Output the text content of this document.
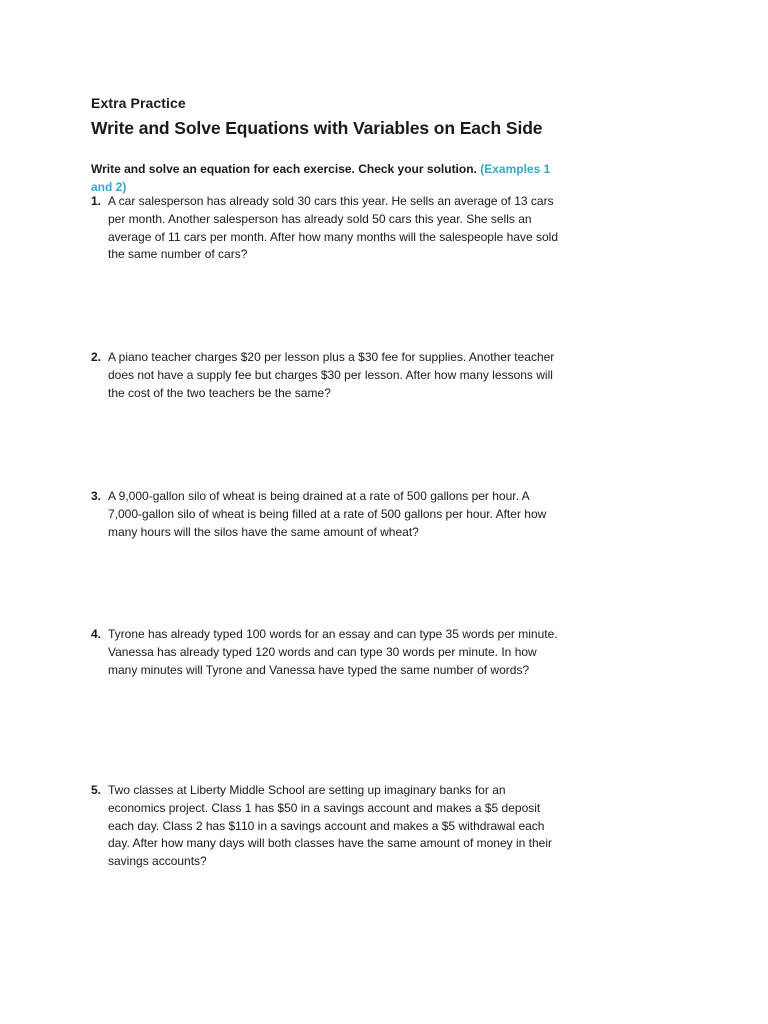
Extra Practice

Write and Solve Equations with Variables on Each Side

Write and solve an equation for each exercise. Check your solution. (Examples 1 and 2)

1. A car salesperson has already sold 30 cars this year. He sells an average of 13 cars per month. Another salesperson has already sold 50 cars this year. She sells an average of 11 cars per month. After how many months will the salespeople have sold the same number of cars?
2. A piano teacher charges $20 per lesson plus a $30 fee for supplies. Another teacher does not have a supply fee but charges $30 per lesson. After how many lessons will the cost of the two teachers be the same?
3. A 9,000-gallon silo of wheat is being drained at a rate of 500 gallons per hour. A 7,000-gallon silo of wheat is being filled at a rate of 500 gallons per hour. After how many hours will the silos have the same amount of wheat?
4. Tyrone has already typed 100 words for an essay and can type 35 words per minute. Vanessa has already typed 120 words and can type 30 words per minute. In how many minutes will Tyrone and Vanessa have typed the same number of words?
5. Two classes at Liberty Middle School are setting up imaginary banks for an economics project. Class 1 has $50 in a savings account and makes a $5 deposit each day. Class 2 has $110 in a savings account and makes a $5 withdrawal each day. After how many days will both classes have the same amount of money in their savings accounts?
